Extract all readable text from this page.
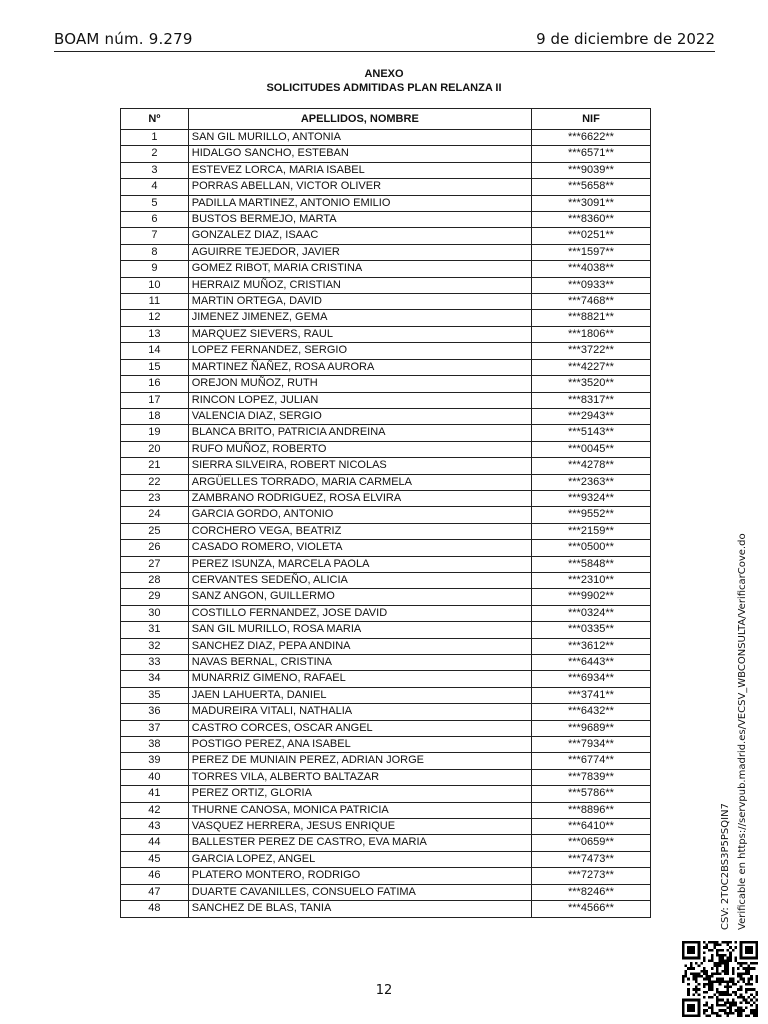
BOAM núm. 9.279	9 de diciembre de 2022
ANEXO
SOLICITUDES ADMITIDAS PLAN RELANZA II
Nº	APELLIDOS, NOMBRE	NIF
1	SAN GIL MURILLO, ANTONIA	***6622**
2	HIDALGO SANCHO, ESTEBAN	***6571**
3	ESTEVEZ LORCA, MARIA ISABEL	***9039**
4	PORRAS ABELLAN, VICTOR OLIVER	***5658**
5	PADILLA MARTINEZ, ANTONIO EMILIO	***3091**
6	BUSTOS BERMEJO, MARTA	***8360**
7	GONZALEZ DIAZ, ISAAC	***0251**
8	AGUIRRE TEJEDOR, JAVIER	***1597**
9	GOMEZ RIBOT, MARIA CRISTINA	***4038**
10	HERRAIZ MUÑOZ, CRISTIAN	***0933**
11	MARTIN ORTEGA, DAVID	***7468**
12	JIMENEZ JIMENEZ, GEMA	***8821**
13	MARQUEZ SIEVERS, RAUL	***1806**
14	LOPEZ FERNANDEZ, SERGIO	***3722**
15	MARTINEZ ÑAÑEZ, ROSA AURORA	***4227**
16	OREJON MUÑOZ, RUTH	***3520**
17	RINCON LOPEZ, JULIAN	***8317**
18	VALENCIA DIAZ, SERGIO	***2943**
19	BLANCA BRITO, PATRICIA ANDREINA	***5143**
20	RUFO MUÑOZ, ROBERTO	***0045**
21	SIERRA SILVEIRA, ROBERT NICOLAS	***4278**
22	ARGÜELLES TORRADO, MARIA CARMELA	***2363**
23	ZAMBRANO RODRIGUEZ, ROSA ELVIRA	***9324**
24	GARCIA GORDO, ANTONIO	***9552**
25	CORCHERO VEGA, BEATRIZ	***2159**
26	CASADO ROMERO, VIOLETA	***0500**
27	PEREZ ISUNZA, MARCELA PAOLA	***5848**
28	CERVANTES SEDEÑO, ALICIA	***2310**
29	SANZ ANGON, GUILLERMO	***9902**
30	COSTILLO FERNANDEZ, JOSE DAVID	***0324**
31	SAN GIL MURILLO, ROSA MARIA	***0335**
32	SANCHEZ DIAZ, PEPA ANDINA	***3612**
33	NAVAS BERNAL, CRISTINA	***6443**
34	MUNARRIZ GIMENO, RAFAEL	***6934**
35	JAEN LAHUERTA, DANIEL	***3741**
36	MADUREIRA VITALI, NATHALIA	***6432**
37	CASTRO CORCES, OSCAR ANGEL	***9689**
38	POSTIGO PEREZ, ANA ISABEL	***7934**
39	PEREZ DE MUNIAIN PEREZ, ADRIAN JORGE	***6774**
40	TORRES VILA, ALBERTO BALTAZAR	***7839**
41	PEREZ ORTIZ, GLORIA	***5786**
42	THURNE CANOSA, MONICA PATRICIA	***8896**
43	VASQUEZ HERRERA, JESUS ENRIQUE	***6410**
44	BALLESTER PEREZ DE CASTRO, EVA MARIA	***0659**
45	GARCIA LOPEZ, ANGEL	***7473**
46	PLATERO MONTERO, RODRIGO	***7273**
47	DUARTE CAVANILLES, CONSUELO FATIMA	***8246**
48	SANCHEZ DE BLAS, TANIA	***4566**
12
CSV: 2T0C2BS3P5PSQIN7 Verificable en https://servpub.madrid.es/VECSV_WBCONSULTA/VerificarCove.do
